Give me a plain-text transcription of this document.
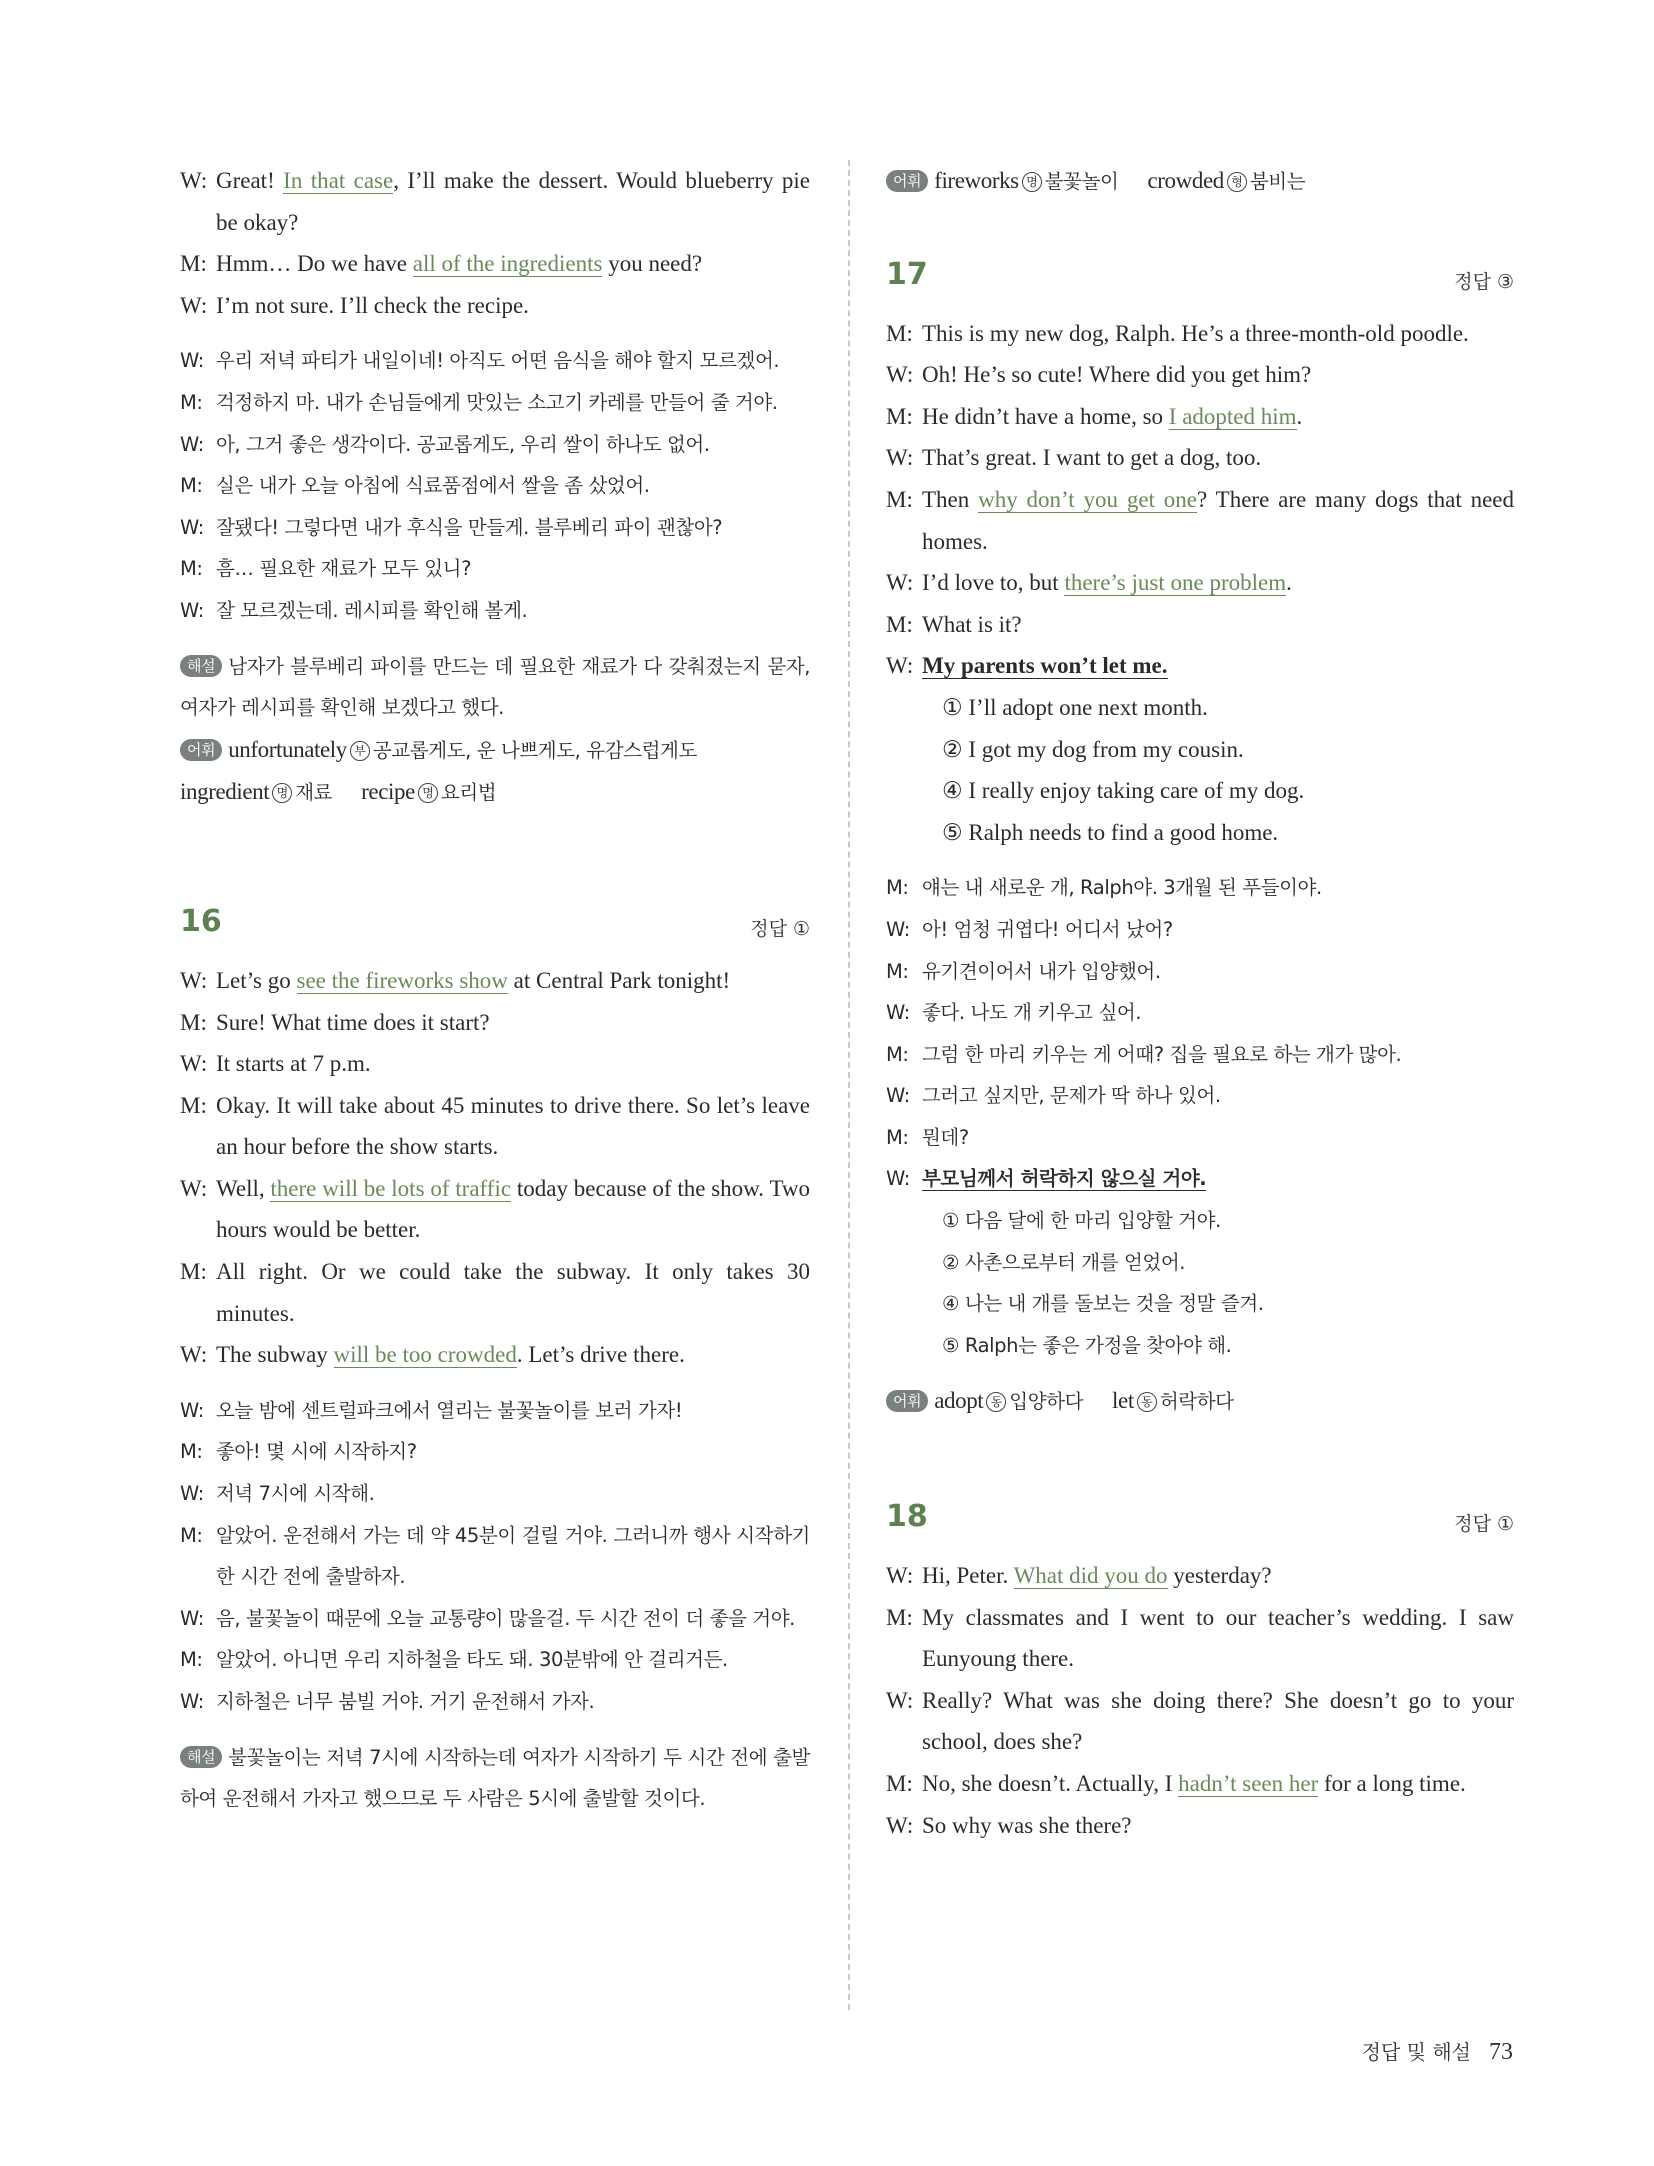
W: Great! In that case, I’ll make the dessert. Would blueberry pie be okay?
M: Hmm… Do we have all of the ingredients you need?
W: I’m not sure. I’ll check the recipe.
W: 우리 저녁 파티가 내일이네! 아직도 어떤 음식을 해야 할지 모르겠어.
M: 걱정하지 마. 내가 손님들에게 맛있는 소고기 카레를 만들어 줄 거야.
W: 아, 그거 좋은 생각이다. 공교롭게도, 우리 쌀이 하나도 없어.
M: 실은 내가 오늘 아침에 식료품점에서 쌀을 좀 샀었어.
W: 잘됐다! 그렇다면 내가 후식을 만들게. 블루베리 파이 괜찮아?
M: 흠… 필요한 재료가 모두 있니?
W: 잘 모르겠는데. 레시피를 확인해 볼게.
해설 남자가 블루베리 파이를 만드는 데 필요한 재료가 다 갖춰졌는지 묻자, 여자가 레시피를 확인해 보겠다고 했다.
어휘 unfortunately 부 공교롭게도, 운 나쁘게도, 유감스럽게도
ingredient 명 재료 recipe 명 요리법
16	정답 ①
W: Let’s go see the fireworks show at Central Park tonight!
M: Sure! What time does it start?
W: It starts at 7 p.m.
M: Okay. It will take about 45 minutes to drive there. So let’s leave an hour before the show starts.
W: Well, there will be lots of traffic today because of the show. Two hours would be better.
M: All right. Or we could take the subway. It only takes 30 minutes.
W: The subway will be too crowded. Let’s drive there.
W: 오늘 밤에 센트럴파크에서 열리는 불꽃놀이를 보러 가자!
M: 좋아! 몇 시에 시작하지?
W: 저녁 7시에 시작해.
M: 알았어. 운전해서 가는 데 약 45분이 걸릴 거야. 그러니까 행사 시작하기 한 시간 전에 출발하자.
W: 음, 불꽃놀이 때문에 오늘 교통량이 많을걸. 두 시간 전이 더 좋을 거야.
M: 알았어. 아니면 우리 지하철을 타도 돼. 30분밖에 안 걸리거든.
W: 지하철은 너무 붐빌 거야. 거기 운전해서 가자.
해설 불꽃놀이는 저녁 7시에 시작하는데 여자가 시작하기 두 시간 전에 출발하여 운전해서 가자고 했으므로 두 사람은 5시에 출발할 것이다.
어휘 fireworks 명 불꽃놀이 crowded 형 붐비는
17	정답 ③
M: This is my new dog, Ralph. He’s a three-month-old poodle.
W: Oh! He’s so cute! Where did you get him?
M: He didn’t have a home, so I adopted him.
W: That’s great. I want to get a dog, too.
M: Then why don’t you get one? There are many dogs that need homes.
W: I’d love to, but there’s just one problem.
M: What is it?
W: My parents won’t let me.
① I’ll adopt one next month.
② I got my dog from my cousin.
④ I really enjoy taking care of my dog.
⑤ Ralph needs to find a good home.
M: 얘는 내 새로운 개, Ralph야. 3개월 된 푸들이야.
W: 아! 엄청 귀엽다! 어디서 났어?
M: 유기견이어서 내가 입양했어.
W: 좋다. 나도 개 키우고 싶어.
M: 그럼 한 마리 키우는 게 어때? 집을 필요로 하는 개가 많아.
W: 그러고 싶지만, 문제가 딱 하나 있어.
M: 뭔데?
W: 부모님께서 허락하지 않으실 거야.
① 다음 달에 한 마리 입양할 거야.
② 사촌으로부터 개를 얻었어.
④ 나는 내 개를 돌보는 것을 정말 즐겨.
⑤ Ralph는 좋은 가정을 찾아야 해.
어휘 adopt 동 입양하다 let 동 허락하다
18	정답 ①
W: Hi, Peter. What did you do yesterday?
M: My classmates and I went to our teacher’s wedding. I saw Eunyoung there.
W: Really? What was she doing there? She doesn’t go to your school, does she?
M: No, she doesn’t. Actually, I hadn’t seen her for a long time.
W: So why was she there?
정답 및 해설 73
